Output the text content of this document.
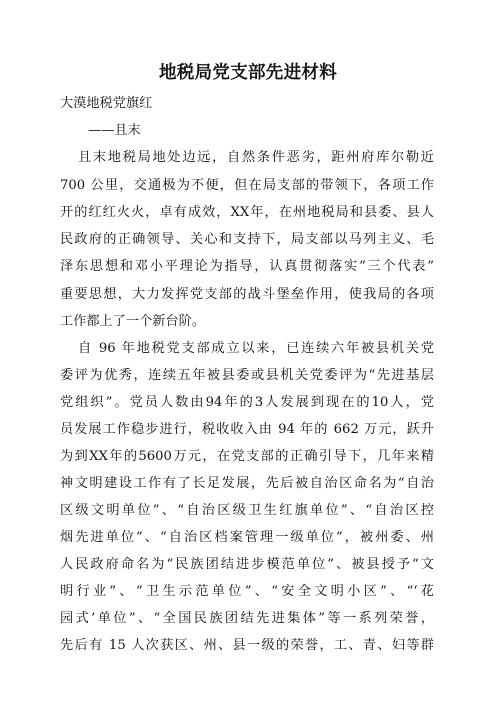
地税局党支部先进材料
大漠地税党旗红
——且末
且末地税局地处边远，自然条件恶劣，距州府库尔勒近
700 公里，交通极为不便，但在局支部的带领下，各项工作
开的红红火火，卓有成效，XX年，在州地税局和县委、县人
民政府的正确领导、关心和支持下，局支部以马列主义、毛
泽东思想和邓小平理论为指导，认真贯彻落实“三个代表”
重要思想，大力发挥党支部的战斗堡垒作用，使我局的各项
工作都上了一个新台阶。
自 96 年地税党支部成立以来，已连续六年被县机关党
委评为优秀，连续五年被县委或县机关党委评为“先进基层
党组织”。党员人数由94年的3人发展到现在的10人，党
员发展工作稳步进行，税收收入由 94 年的 662 万元，跃升
为到XX年的5600万元，在党支部的正确引导下，几年来精
神文明建设工作有了长足发展，先后被自治区命名为“自治
区级文明单位”、“自治区级卫生红旗单位”、“自治区控
烟先进单位”、“自治区档案管理一级单位”，被州委、州
人民政府命名为“民族团结进步模范单位”、被县授予“文
明行业”、“卫生示范单位”、“安全文明小区”、“‘花
园式’单位”、“全国民族团结先进集体”等一系列荣誉，
先后有 15 人次获区、州、县一级的荣誉，工、青、妇等群
